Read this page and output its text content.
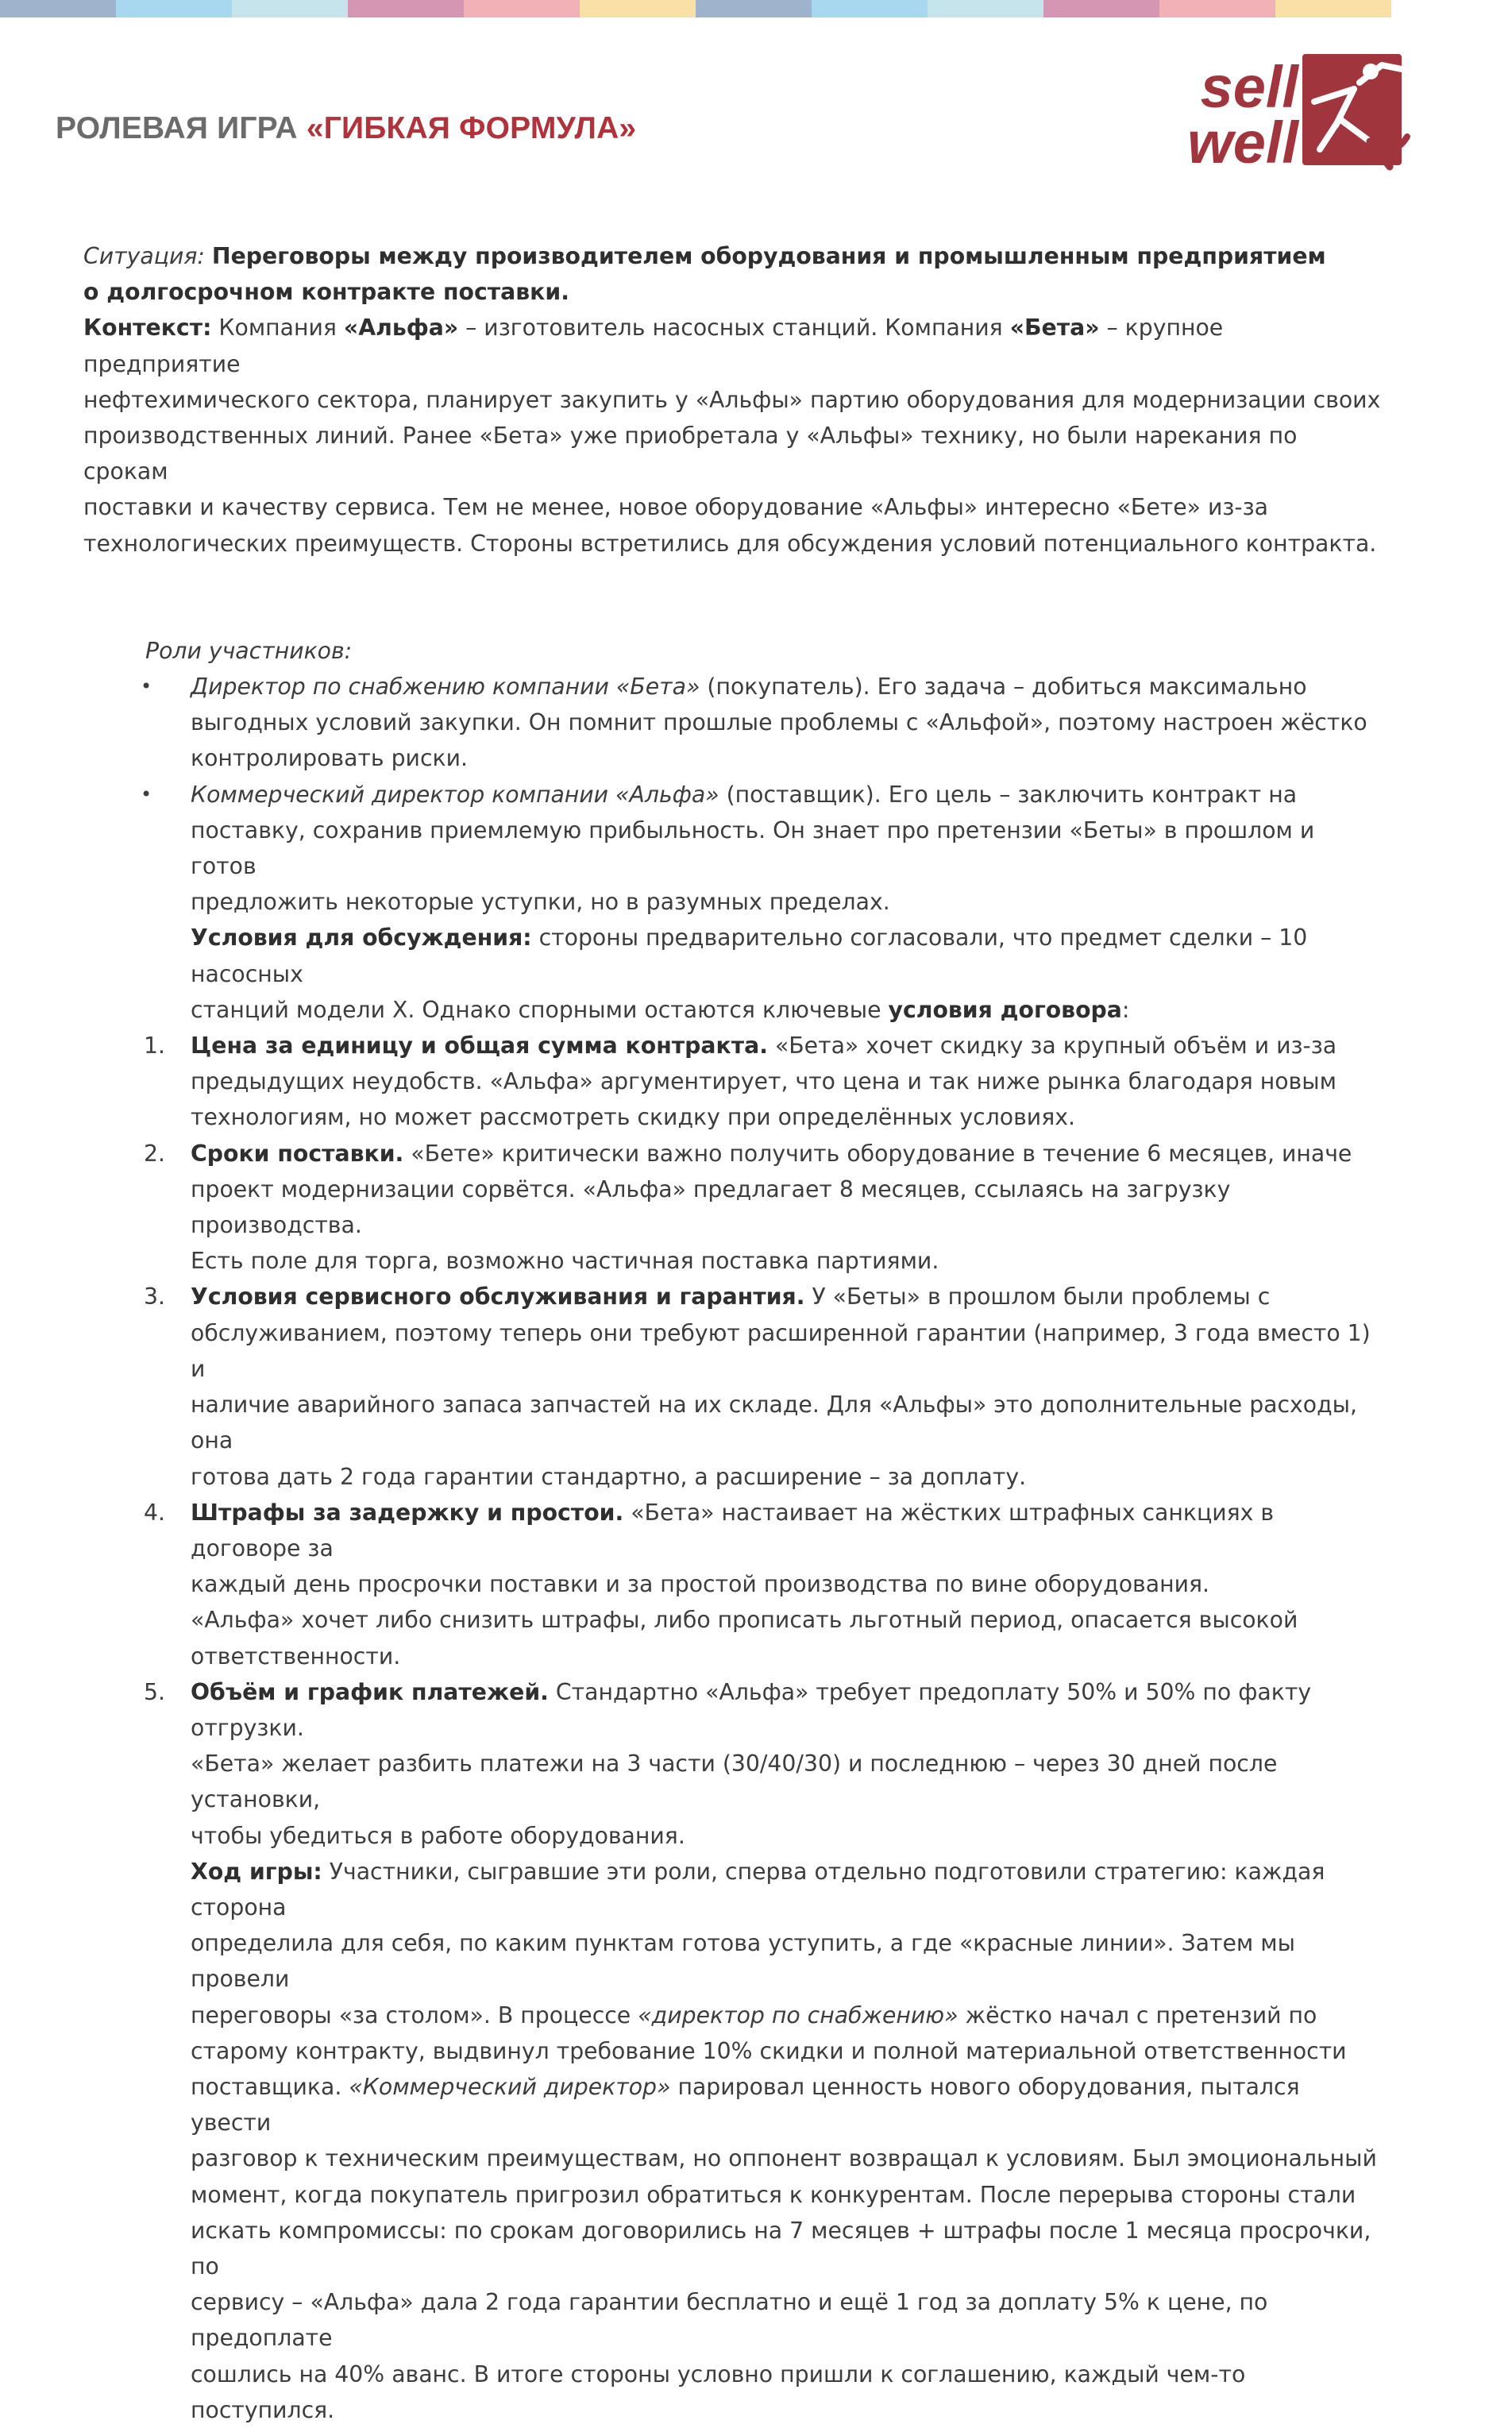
РОЛЕВАЯ ИГРА «ГИБКАЯ ФОРМУЛА»
sell
well

Ситуация: Переговоры между производителем оборудования и промышленным предприятием

о долгосрочном контракте поставки.

Контекст: Компания «Альфа» – изготовитель насосных станций. Компания «Бета» – крупное предприятие

нефтехимического сектора, планирует закупить у «Альфы» партию оборудования для модернизации своих

производственных линий. Ранее «Бета» уже приобретала у «Альфы» технику, но были нарекания по срокам

поставки и качеству сервиса. Тем не менее, новое оборудование «Альфы» интересно «Бете» из-за

технологических преимуществ. Стороны встретились для обсуждения условий потенциального контракта.

Роли участников:

• Директор по снабжению компании «Бета» (покупатель). Его задача – добиться максимально
выгодных условий закупки. Он помнит прошлые проблемы с «Альфой», поэтому настроен жёстко
контролировать риски.
• Коммерческий директор компании «Альфа» (поставщик). Его цель – заключить контракт на
поставку, сохранив приемлемую прибыльность. Он знает про претензии «Беты» в прошлом и готов
предложить некоторые уступки, но в разумных пределах.
Условия для обсуждения: стороны предварительно согласовали, что предмет сделки – 10 насосных
станций модели X. Однако спорными остаются ключевые условия договора:
1. Цена за единицу и общая сумма контракта. «Бета» хочет скидку за крупный объём и из-за
предыдущих неудобств. «Альфа» аргументирует, что цена и так ниже рынка благодаря новым
технологиям, но может рассмотреть скидку при определённых условиях.
2. Сроки поставки. «Бете» критически важно получить оборудование в течение 6 месяцев, иначе
проект модернизации сорвётся. «Альфа» предлагает 8 месяцев, ссылаясь на загрузку производства.
Есть поле для торга, возможно частичная поставка партиями.
3. Условия сервисного обслуживания и гарантия. У «Беты» в прошлом были проблемы с
обслуживанием, поэтому теперь они требуют расширенной гарантии (например, 3 года вместо 1) и
наличие аварийного запаса запчастей на их складе. Для «Альфы» это дополнительные расходы, она
готова дать 2 года гарантии стандартно, а расширение – за доплату.
4. Штрафы за задержку и простои. «Бета» настаивает на жёстких штрафных санкциях в договоре за
каждый день просрочки поставки и за простой производства по вине оборудования.
«Альфа» хочет либо снизить штрафы, либо прописать льготный период, опасается высокой
ответственности.
5. Объём и график платежей. Стандартно «Альфа» требует предоплату 50% и 50% по факту отгрузки.
«Бета» желает разбить платежи на 3 части (30/40/30) и последнюю – через 30 дней после установки,
чтобы убедиться в работе оборудования.
Ход игры: Участники, сыгравшие эти роли, сперва отдельно подготовили стратегию: каждая сторона
определила для себя, по каким пунктам готова уступить, а где «красные линии». Затем мы провели
переговоры «за столом». В процессе «директор по снабжению» жёстко начал с претензий по
старому контракту, выдвинул требование 10% скидки и полной материальной ответственности
поставщика. «Коммерческий директор» парировал ценность нового оборудования, пытался увести
разговор к техническим преимуществам, но оппонент возвращал к условиям. Был эмоциональный
момент, когда покупатель пригрозил обратиться к конкурентам. После перерыва стороны стали
искать компромиссы: по срокам договорились на 7 месяцев + штрафы после 1 месяца просрочки, по
сервису – «Альфа» дала 2 года гарантии бесплатно и ещё 1 год за доплату 5% к цене, по предоплате
сошлись на 40% аванс. В итоге стороны условно пришли к соглашению, каждый чем-то поступился.
